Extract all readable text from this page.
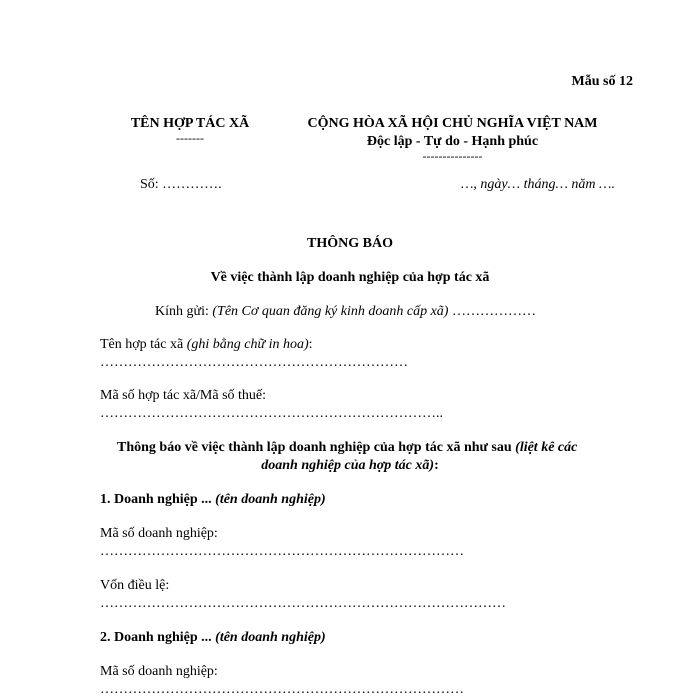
Mẫu số 12
TÊN HỢP TÁC XÃ
-------
CỘNG HÒA XÃ HỘI CHỦ NGHĨA VIỆT NAM
Độc lập - Tự do - Hạnh phúc
---------------
Số: ………….	…, ngày… tháng… năm ….
THÔNG BÁO
Về việc thành lập doanh nghiệp của hợp tác xã
Kính gửi: (Tên Cơ quan đăng ký kinh doanh cấp xã) ………………
Tên hợp tác xã (ghi bằng chữ in hoa):
…………………………………………………………
Mã số hợp tác xã/Mã số thuế:
………………………………………………………………..
Thông báo về việc thành lập doanh nghiệp của hợp tác xã như sau (liệt kê các
doanh nghiệp của hợp tác xã):
1. Doanh nghiệp ... (tên doanh nghiệp)
Mã số doanh nghiệp:
……………………………………………………………………
Vốn điều lệ:
……………………………………………………………………………
2. Doanh nghiệp ... (tên doanh nghiệp)
Mã số doanh nghiệp:
……………………………………………………………………
